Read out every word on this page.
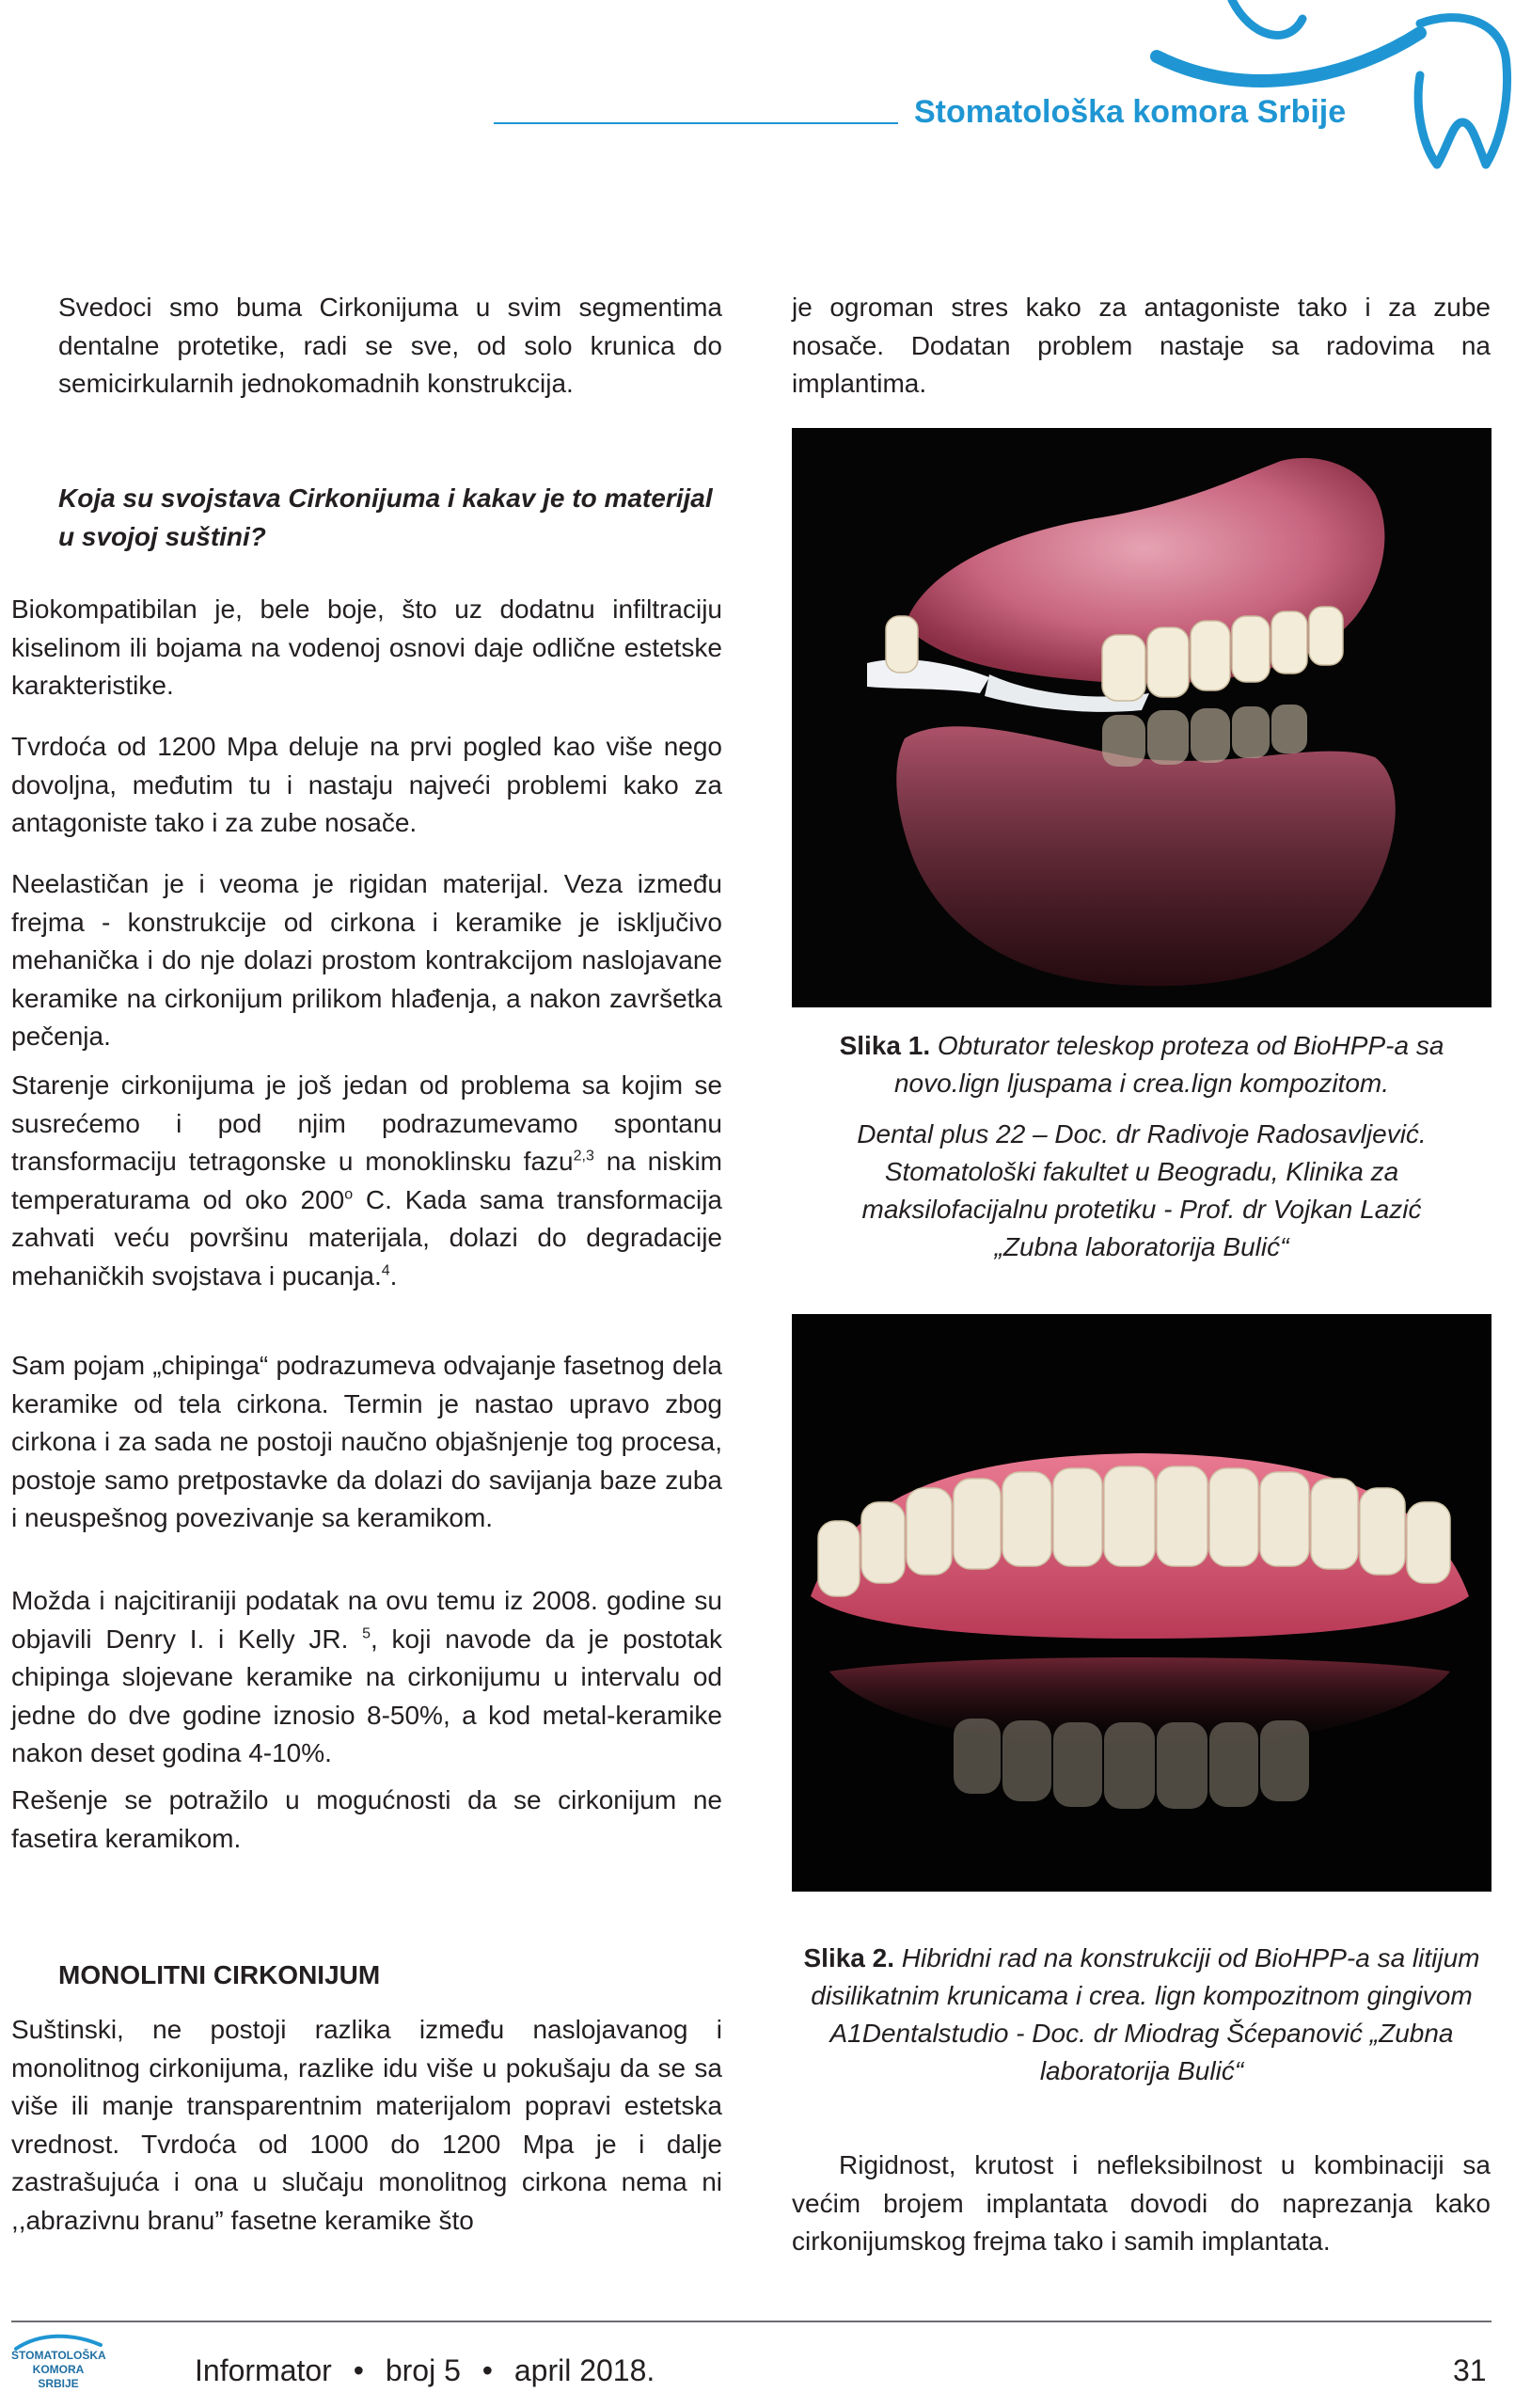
Stomatološka komora Srbije

Svedoci smo buma Cirkonijuma u svim segmentima dentalne protetike, radi se sve, od solo krunica do semicirkularnih jednokomadnih konstrukcija.

Koja su svojstava Cirkonijuma i kakav je to materijal u svojoj suštini?

Biokompatibilan je, bele boje, što uz dodatnu infiltraciju kiselinom ili bojama na vodenoj osnovi daje odlične estetske karakteristike.

Tvrdoća od 1200 Mpa deluje na prvi pogled kao više nego dovoljna, međutim tu i nastaju najveći problemi kako za antagoniste tako i za zube nosače.

Neelastičan je i veoma je rigidan materijal. Veza između frejma - konstrukcije od cirkona i keramike je isključivo mehanička i do nje dolazi prostom kontrakcijom naslojavane keramike na cirkonijum prilikom hlađenja, a nakon završetka pečenja.

Starenje cirkonijuma je još jedan od problema sa kojim se susrećemo i pod njim podrazumevamo spontanu transformaciju tetragonske u monoklinsku fazu$^{2,3}$ na niskim temperaturama od oko 200$^o$ C. Kada sama transformacija zahvati veću površinu materijala, dolazi do degradacije mehaničkih svojstava i pucanja.$^4$.

Sam pojam „chipinga“ podrazumeva odvajanje fasetnog dela keramike od tela cirkona. Termin je nastao upravo zbog cirkona i za sada ne postoji naučno objašnjenje tog procesa, postoje samo pretpostavke da dolazi do savijanja baze zuba i neuspešnog povezivanje sa keramikom.

Možda i najcitiraniji podatak na ovu temu iz 2008. godine su objavili Denry I. i Kelly JR. $^5$, koji navode da je postotak chipinga slojevane keramike na cirkonijumu u intervalu od jedne do dve godine iznosio 8-50%, a kod metal-keramike nakon deset godina 4-10%.

Rešenje se potražilo u mogućnosti da se cirkonijum ne fasetira keramikom.

MONOLITNI CIRKONIJUM

Suštinski, ne postoji razlika između naslojavanog i monolitnog cirkonijuma, razlike idu više u pokušaju da se sa više ili manje transparentnim materijalom popravi estetska vrednost. Tvrdoća od 1000 do 1200 Mpa je i dalje zastrašujuća i ona u slučaju monolitnog cirkona nema ni ,,abrazivnu branu” fasetne keramike što

je ogroman stres kako za antagoniste tako i za zube nosače. Dodatan problem nastaje sa radovima na implantima.

Slika 1. Obturator teleskop proteza od BioHPP-a sa novo.lign ljuspama i crea.lign kompozitom.

Dental plus 22 – Doc. dr Radivoje Radosavljević. Stomatološki fakultet u Beogradu, Klinika za maksilofacijalnu protetiku - Prof. dr Vojkan Lazić „Zubna laboratorija Bulić“

Slika 2. Hibridni rad na konstrukciji od BioHPP-a sa litijum disilikatnim krunicama i crea. lign kompozitnom gingivom A1Dentalstudio - Doc. dr Miodrag Šćepanović „Zubna laboratorija Bulić“

Rigidnost, krutost i nefleksibilnost u kombinaciji sa većim brojem implantata dovodi do naprezanja kako cirkonijumskog frejma tako i samih implantata.

STOMATOLOŠKA
KOMORA
SRBIJE	Informator • broj 5 • april 2018.	31
